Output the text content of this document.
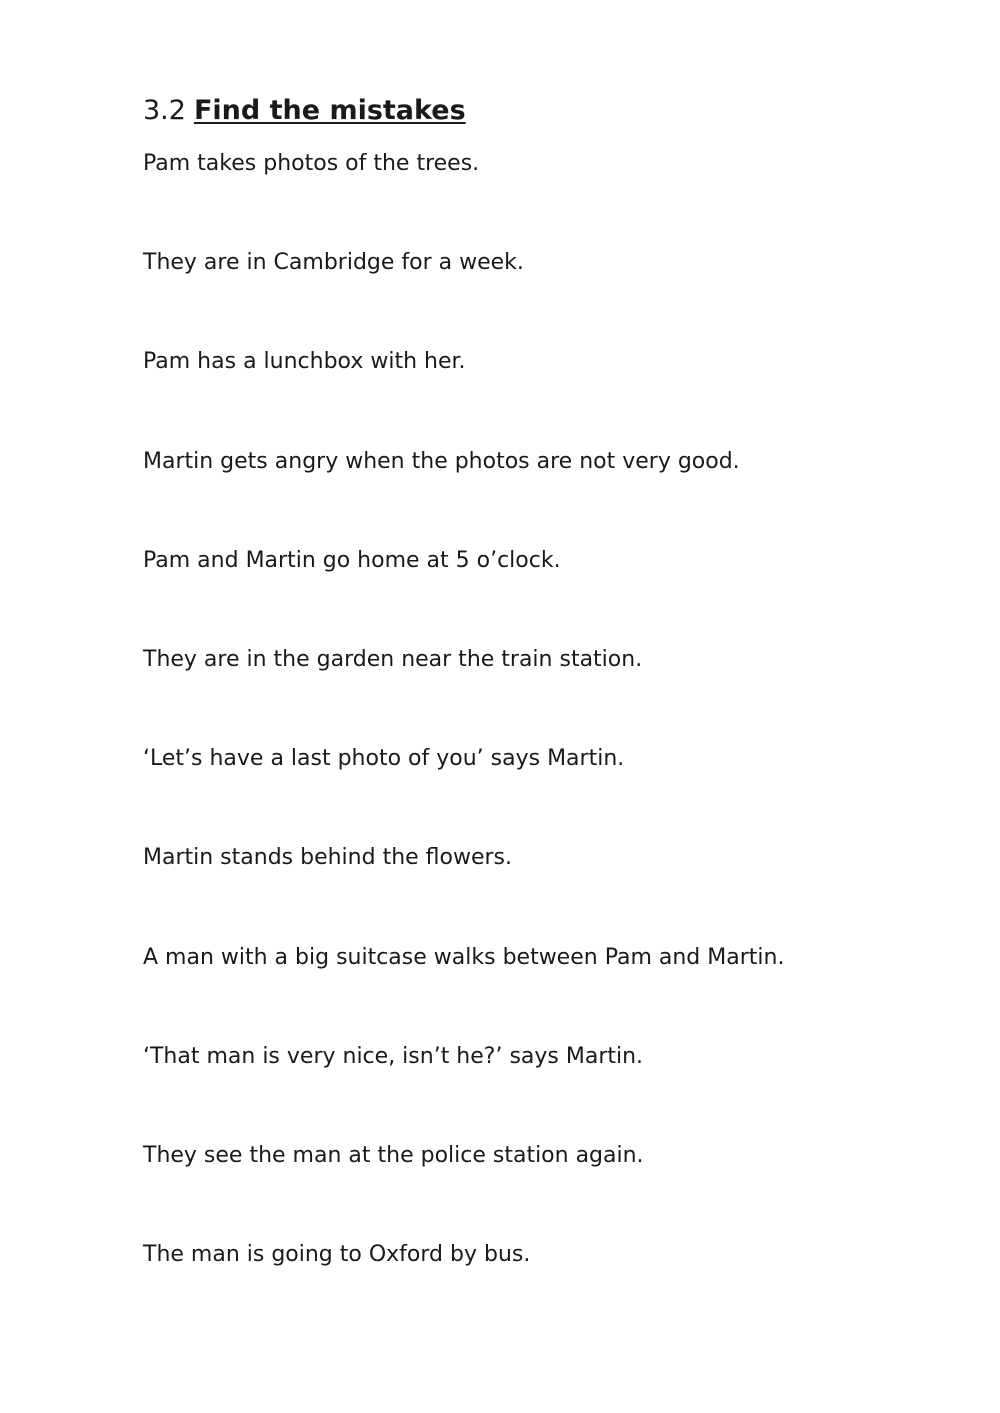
3.2 Find the mistakes
Pam takes photos of the trees.
They are in Cambridge for a week.
Pam has a lunchbox with her.
Martin gets angry when the photos are not very good.
Pam and Martin go home at 5 o’clock.
They are in the garden near the train station.
‘Let’s have a last photo of you’ says Martin.
Martin stands behind the flowers.
A man with a big suitcase walks between Pam and Martin.
‘That man is very nice, isn’t he?’ says Martin.
They see the man at the police station again.
The man is going to Oxford by bus.
